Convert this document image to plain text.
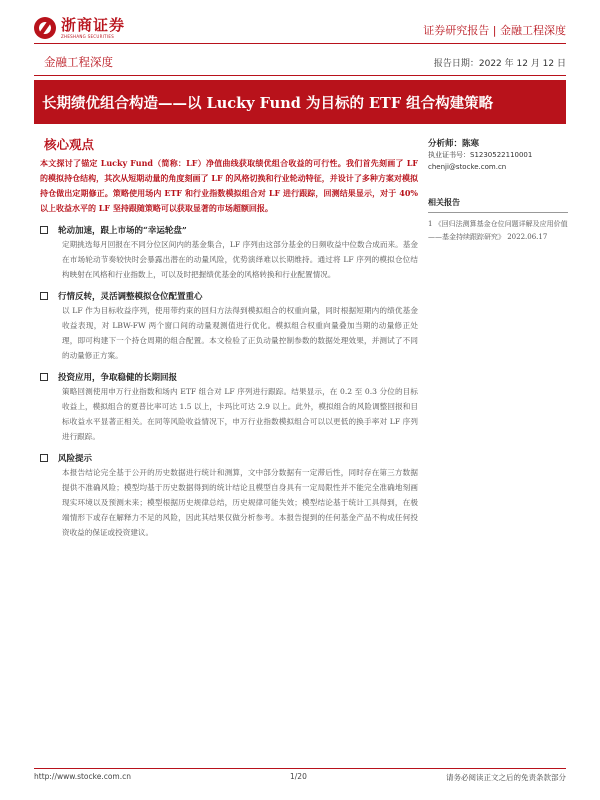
浙商证券
ZHESHANG SECURITIES	证券研究报告 | 金融工程深度
金融工程深度	报告日期：2022 年 12 月 12 日
长期绩优组合构造——以 Lucky Fund 为目标的 ETF 组合构建策略
核心观点

本文探讨了锚定 Lucky Fund（简称：LF）净值曲线获取绩优组合收益的可行性。我们首先刻画了 LF 的模拟持仓结构，其次从短期动量的角度刻画了 LF 的风格切换和行业轮动特征，并设计了多种方案对模拟持仓做出定期修正。策略使用场内 ETF 和行业指数模拟组合对 LF 进行跟踪，回测结果显示，对于 40%以上收益水平的 LF 坚持跟随策略可以获取显著的市场超额回报。

轮动加速，跟上市场的“幸运轮盘”

定期挑选每月回报在不同分位区间内的基金集合，LF 序列由这部分基金的日频收益中位数合成而来。基金在市场轮动节奏较快时会暴露出潜在的动量风险，优势演绎难以长期维持。通过将 LF 序列的模拟仓位结构映射在风格和行业指数上，可以及时把握绩优基金的风格转换和行业配置情况。

行情反转，灵活调整模拟仓位配置重心

以 LF 作为目标收益序列，使用带约束的回归方法得到模拟组合的权重向量，同时根据短期内的绩优基金收益表现，对 LBW-FW 两个窗口间的动量观测值进行优化。模拟组合权重向量叠加当期的动量修正处理，即可构建下一个持仓周期的组合配置。本文检验了正负动量控制参数的数据处理效果，并测试了不同的动量修正方案。

投资应用，争取稳健的长期回报

策略回测使用申万行业指数和场内 ETF 组合对 LF 序列进行跟踪。结果显示，在 0.2 至 0.3 分位的目标收益上，模拟组合的夏普比率可达 1.5 以上，卡玛比可达 2.9 以上。此外，模拟组合的风险调整回报和目标收益水平显著正相关。在同等风险收益情况下，申万行业指数模拟组合可以以更低的换手率对 LF 序列进行跟踪。

风险提示

本报告结论完全基于公开的历史数据进行统计和测算，文中部分数据有一定滞后性，同时存在第三方数据提供不准确风险；模型均基于历史数据得到的统计结论且模型自身具有一定局限性并不能完全准确地刻画现实环境以及预测未来；模型根据历史规律总结，历史规律可能失效；模型结论基于统计工具得到，在极端情形下或存在解释力不足的风险，因此其结果仅做分析参考。本报告提到的任何基金产品不构成任何投资收益的保证或投资建议。

分析师：陈寒
执业证书号：S1230522110001
chenji@stocke.com.cn
相关报告
1 《回归法测算基金仓位问题详解及应用价值——基金持续跟踪研究》 2022.06.17
http://www.stocke.com.cn	1/20	请务必阅读正文之后的免责条款部分
